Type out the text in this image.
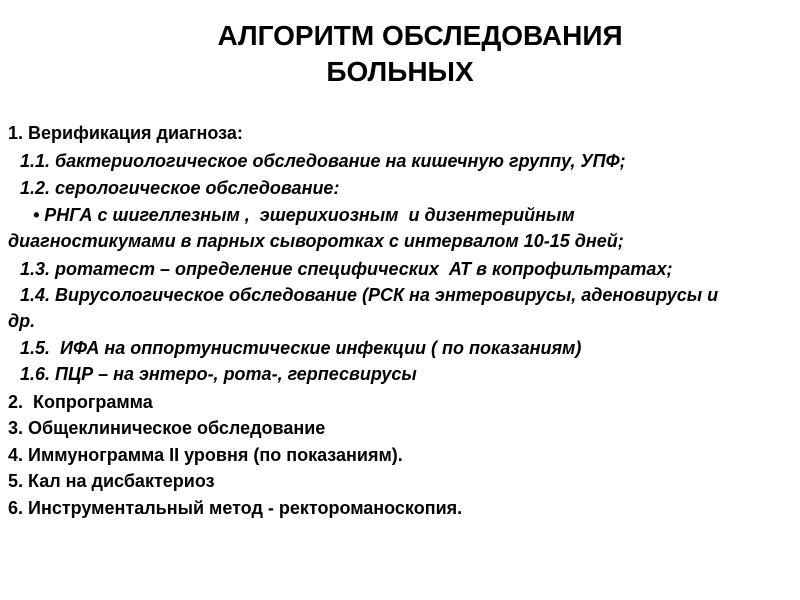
АЛГОРИТМ ОБСЛЕДОВАНИЯ
БОЛЬНЫХ
1. Верификация диагноза:
1.1. бактериологическое обследование на кишечную группу, УПФ;
1.2. серологическое обследование:
• РНГА с шигеллезным ,  эшерихиозным  и дизентерийным
диагностикумами в парных сыворотках с интервалом 10-15 дней;
1.3. ротатест – определение специфических  АТ в копрофильтратах;
1.4. Вирусологическое обследование (РСК на энтеровирусы, аденовирусы и
др.
1.5.  ИФА на оппортунистические инфекции ( по показаниям)
1.6. ПЦР – на энтеро-, рота-, герпесвирусы
2.  Копрограмма
3. Общеклиническое обследование
4. Иммунограмма II уровня (по показаниям).
5. Кал на дисбактериоз
6. Инструментальный метод - ректороманоскопия.
